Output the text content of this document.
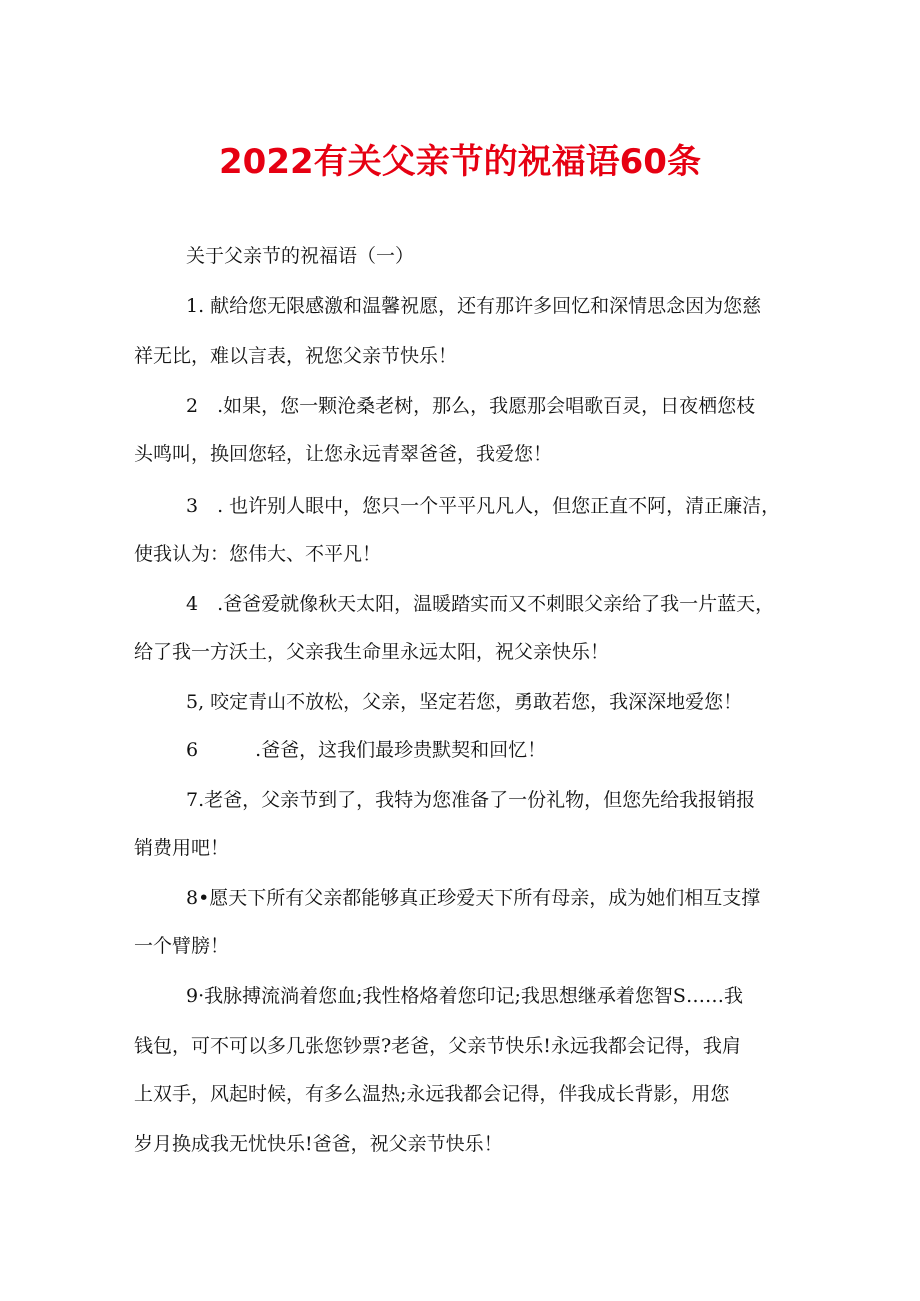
2022有关父亲节的祝福语60条
关于父亲节的祝福语（一）
1. 献给您无限感激和温馨祝愿，还有那许多回忆和深情思念因为您慈
祥无比，难以言表，祝您父亲节快乐！
2　.如果，您一颗沧桑老树，那么，我愿那会唱歌百灵，日夜栖您枝
头鸣叫，换回您轻，让您永远青翠爸爸，我爱您！
3　. 也许别人眼中，您只一个平平凡凡人，但您正直不阿，清正廉洁，
使我认为：您伟大、不平凡！
4　.爸爸爱就像秋天太阳，温暖踏实而又不刺眼父亲给了我一片蓝天，
给了我一方沃土，父亲我生命里永远太阳，祝父亲快乐！
5, 咬定青山不放松，父亲，坚定若您，勇敢若您，我深深地爱您！
6　　　.爸爸，这我们最珍贵默契和回忆！
7.老爸，父亲节到了，我特为您准备了一份礼物，但您先给我报销报
销费用吧！
8•愿天下所有父亲都能够真正珍爱天下所有母亲，成为她们相互支撑
一个臂膀！
9·我脉搏流淌着您血;我性格烙着您印记;我思想继承着您智S……我
钱包，可不可以多几张您钞票?老爸，父亲节快乐!永远我都会记得，我肩
上双手，风起时候，有多么温热;永远我都会记得，伴我成长背影，用您
岁月换成我无忧快乐!爸爸，祝父亲节快乐！
